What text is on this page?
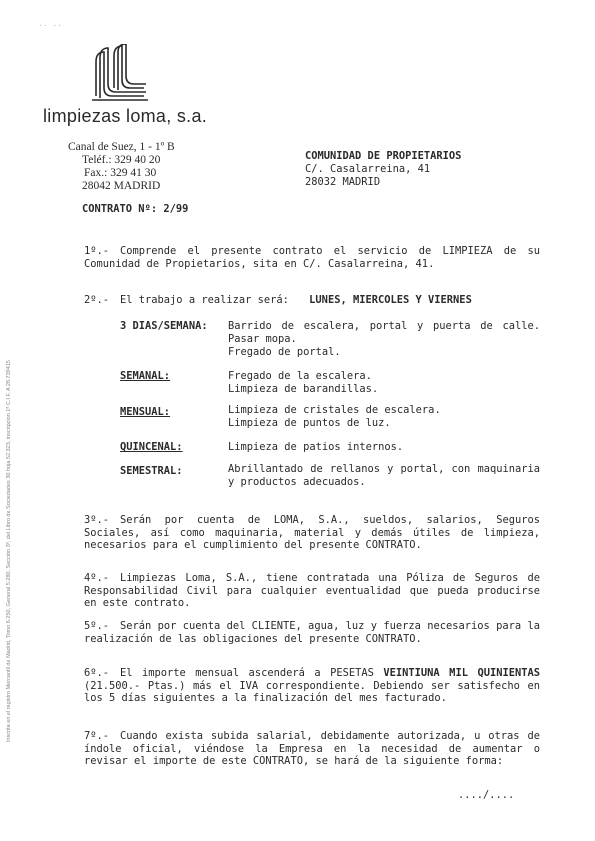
·· ··
limpiezas loma, s.a.
Canal de Suez, 1 - 1º B
Teléf.: 329 40 20
Fax.: 329 41 30
28042 MADRID
COMUNIDAD DE PROPIETARIOS
C/. Casalarreina, 41
28032 MADRID
CONTRATO Nº: 2/99
Inscrita en el registro Mercantil de Madrid, Tomo 6.250, General 5.280, Sección 3ª, del Libro de Sociedades 30 hoja 52.323, inscripcion 1ª C.I.F. A 28.739415
1º.- Comprende el presente contrato el servicio de LIMPIEZA de su Comunidad de Propietarios, sita en C/. Casalarreina, 41.
2º.- El trabajo a realizar será: LUNES, MIERCOLES Y VIERNES
3 DIAS/SEMANA: Barrido de escalera, portal y puerta de calle. Pasar mopa.
Fregado de portal.
SEMANAL:	Fregado de la escalera.
Limpieza de barandillas.
MENSUAL:	Limpieza de cristales de escalera.
Limpieza de puntos de luz.
QUINCENAL:	Limpieza de patios internos.
SEMESTRAL:	Abrillantado de rellanos y portal, con maquinaria y productos adecuados.
3º.- Serán por cuenta de LOMA, S.A., sueldos, salarios, Seguros Sociales, así como maquinaria, material y demás útiles de limpieza, necesarios para el cumplimiento del presente CONTRATO.
4º.- Limpiezas Loma, S.A., tiene contratada una Póliza de Seguros de Responsabilidad Civil para cualquier eventualidad que pueda producirse en este contrato.
5º.- Serán por cuenta del CLIENTE, agua, luz y fuerza necesarios para la realización de las obligaciones del presente CONTRATO.
6º.- El importe mensual ascenderá a PESETAS VEINTIUNA MIL QUINIENTAS (21.500.- Ptas.) más el IVA correspondiente. Debiendo ser satisfecho en los 5 días siguientes a la finalización del mes facturado.
7º.- Cuando exista subida salarial, debidamente autorizada, u otras de índole oficial, viéndose la Empresa en la necesidad de aumentar o revisar el importe de este CONTRATO, se hará de la siguiente forma:
..../....
